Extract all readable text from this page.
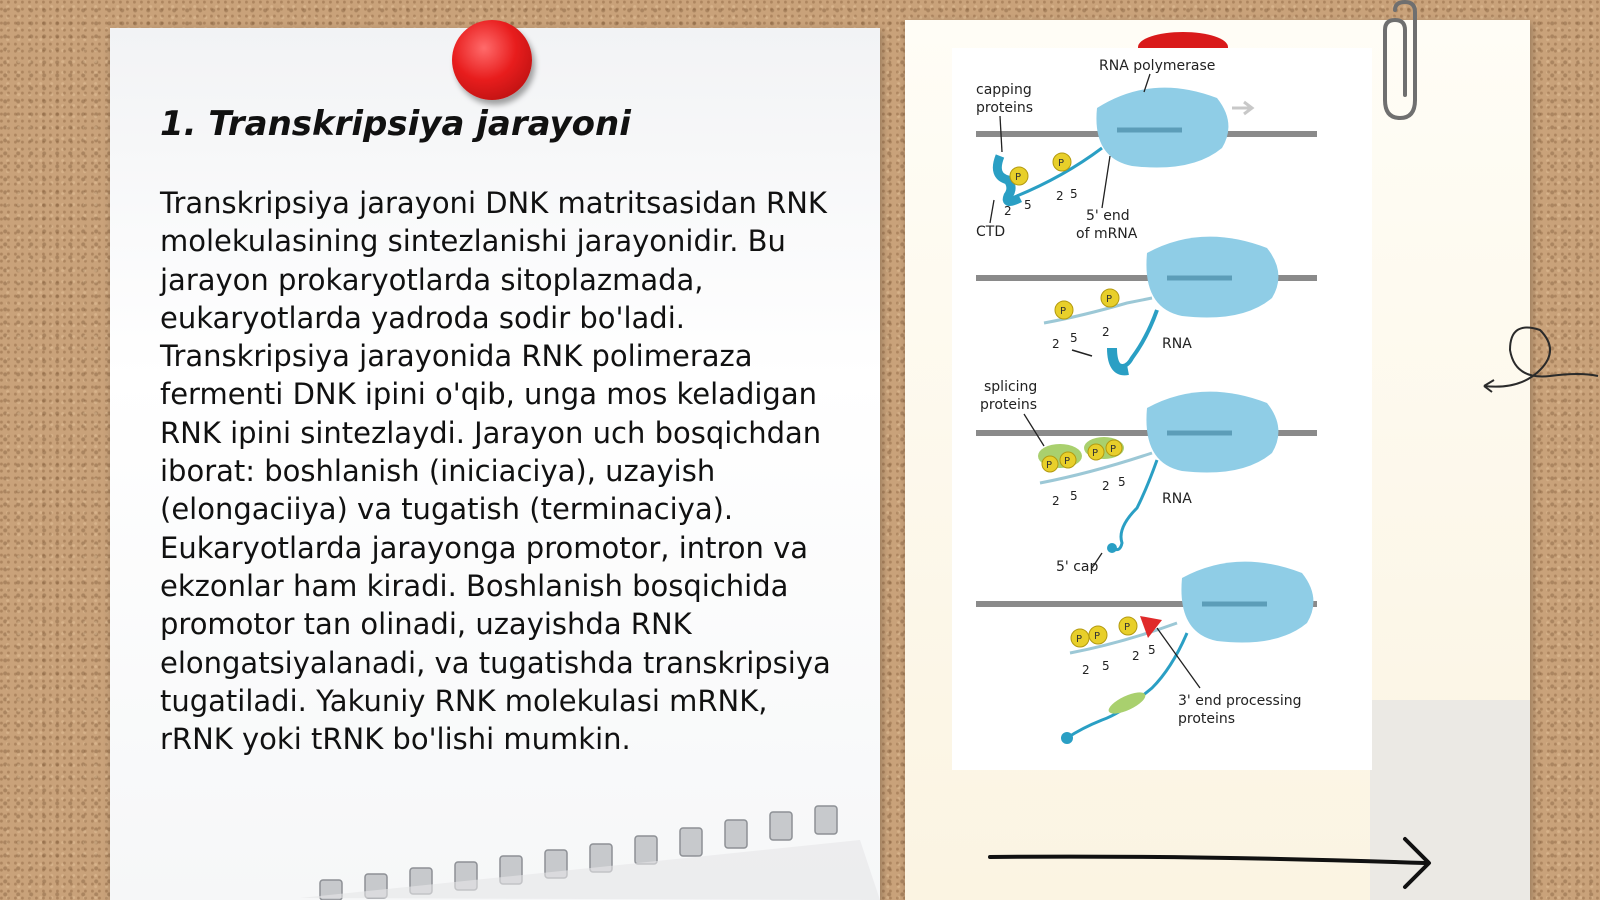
1. Transkripsiya jarayoni

Transkripsiya jarayoni DNK matritsasidan RNK molekulasining sintezlanishi jarayonidir. Bu jarayon prokaryotlarda sitoplazmada, eukaryotlarda yadroda sodir bo'ladi. Transkripsiya jarayonida RNK polimeraza fermenti DNK ipini o'qib, unga mos keladigan RNK ipini sintezlaydi. Jarayon uch bosqichdan iborat: boshlanish (iniciaciya), uzayish (elongaciiya) va tugatish (terminaciya). Eukaryotlarda jarayonga promotor, intron va ekzonlar ham kiradi. Boshlanish bosqichida promotor tan olinadi, uzayishda RNK elongatsiyalanadi, va tugatishda transkripsiya tugatiladi. Yakuniy RNK molekulasi mRNK, rRNK yoki tRNK bo'lishi mumkin.

RNA polymerase
capping
proteins
P
P
2 5
2 5
CTD
5' end
of mRNA
P
P
2 5 2
RNA
splicing
proteins
P P
P P
2 5
2 5
RNA
5' cap
P P
P
2 5
2 5
3' end processing
proteins
